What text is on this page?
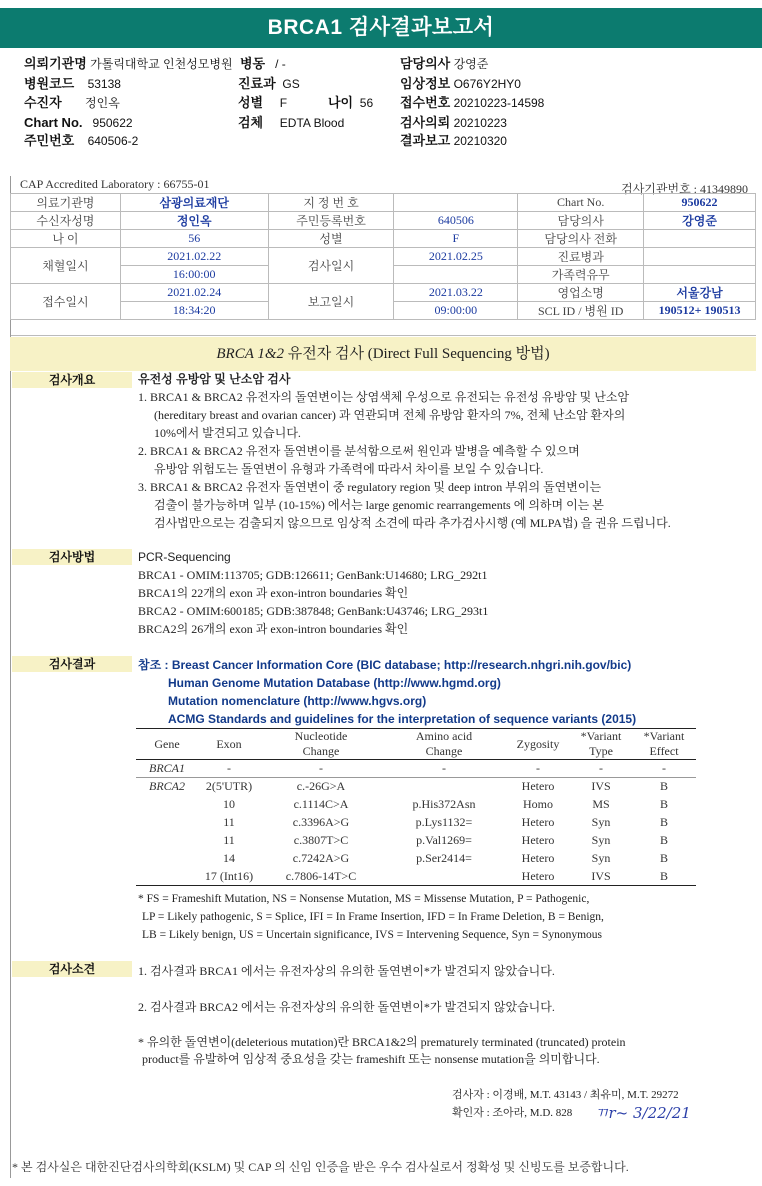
BRCA1 검사결과보고서
의뢰기관명 가톨릭대학교 인천성모병원 병동 / -	담당의사 강영준
병원코드 53138	진료과 GS	임상정보 O676Y2HY0
수진자 정인옥	성별 F	나이 56 접수번호 20210223-14598
Chart No. 950622	검체 EDTA Blood	검사의뢰 20210223
주민번호 640506-2	결과보고 20210320
CAP Accredited Laboratory : 66755-01	검사기관번호 : 41349890
의료기관명	삼광의료재단	지 정 번 호		Chart No.	950622
수신자성명	정인옥	주민등록번호	640506	담당의사	강영준
나 이	56	성별	F	담당의사 전화	
채혈일시	2021.02.22	검사일시	2021.02.25	진료병과	
	16:00:00			가족력유무	
접수일시	2021.02.24	보고일시	2021.03.22	영업소명	서울강남
	18:34:20		09:00:00	SCL ID / 병원 ID	190512+ 190513

BRCA 1&2 유전자 검사 (Direct Full Sequencing 방법)
검사개요	유전성 유방암 및 난소암 검사
1. BRCA1 & BRCA2 유전자의 돌연변이는 상염색체 우성으로 유전되는 유전성 유방암 및 난소암
(hereditary breast and ovarian cancer) 과 연관되며 전체 유방암 환자의 7%, 전체 난소암 환자의
10%에서 발견되고 있습니다.
2. BRCA1 & BRCA2 유전자 돌연변이를 분석함으로써 원인과 발병을 예측할 수 있으며
유방암 위험도는 돌연변이 유형과 가족력에 따라서 차이를 보일 수 있습니다.
3. BRCA1 & BRCA2 유전자 돌연변이 중 regulatory region 및 deep intron 부위의 돌연변이는
검출이 불가능하며 일부 (10-15%) 에서는 large genomic rearrangements 에 의하며 이는 본
검사법만으로는 검출되지 않으므로 임상적 소견에 따라 추가검사시행 (예 MLPA법) 을 권유 드립니다.
검사방법	PCR-Sequencing
BRCA1 - OMIM:113705; GDB:126611; GenBank:U14680; LRG_292t1
BRCA1의 22개의 exon 과 exon-intron boundaries 확인
BRCA2 - OMIM:600185; GDB:387848; GenBank:U43746; LRG_293t1
BRCA2의 26개의 exon 과 exon-intron boundaries 확인
검사결과	참조 : Breast Cancer Information Core (BIC database; http://research.nhgri.nih.gov/bic)
Human Genome Mutation Database (http://www.hgmd.org)
Mutation nomenclature (http://www.hgvs.org)
ACMG Standards and guidelines for the interpretation of sequence variants (2015)
Gene	Exon	Nucleotide Change	Amino acid Change	Zygosity	*Variant Type	*Variant Effect
BRCA1	-	-	-	-	-	-
BRCA2	2(5'UTR)	c.-26G>A		Hetero	IVS	B
	10	c.1114C>A	p.His372Asn	Homo	MS	B
	11	c.3396A>G	p.Lys1132=	Hetero	Syn	B
	11	c.3807T>C	p.Val1269=	Hetero	Syn	B
	14	c.7242A>G	p.Ser2414=	Hetero	Syn	B
	17 (Int16)	c.7806-14T>C		Hetero	IVS	B
* FS = Frameshift Mutation, NS = Nonsense Mutation, MS = Missense Mutation, P = Pathogenic,
LP = Likely pathogenic, S = Splice, IFI = In Frame Insertion, IFD = In Frame Deletion, B = Benign,
LB = Likely benign, US = Uncertain significance, IVS = Intervening Sequence, Syn = Synonymous
검사소견	1. 검사결과 BRCA1 에서는 유전자상의 유의한 돌연변이*가 발견되지 않았습니다.
2. 검사결과 BRCA2 에서는 유전자상의 유의한 돌연변이*가 발견되지 않았습니다.
* 유의한 돌연변이(deleterious mutation)란 BRCA1&2의 prematurely terminated (truncated) protein
product를 유발하여 임상적 중요성을 갖는 frameshift 또는 nonsense mutation을 의미합니다.
검사자 : 이경배, M.T. 43143 / 최유미, M.T. 29272
확인자 : 조아라, M.D. 828 ㄲr~ 3/22/21
* 본 검사실은 대한진단검사의학회(KSLM) 및 CAP 의 신임 인증을 받은 우수 검사실로서 정확성 및 신빙도를 보증합니다.
